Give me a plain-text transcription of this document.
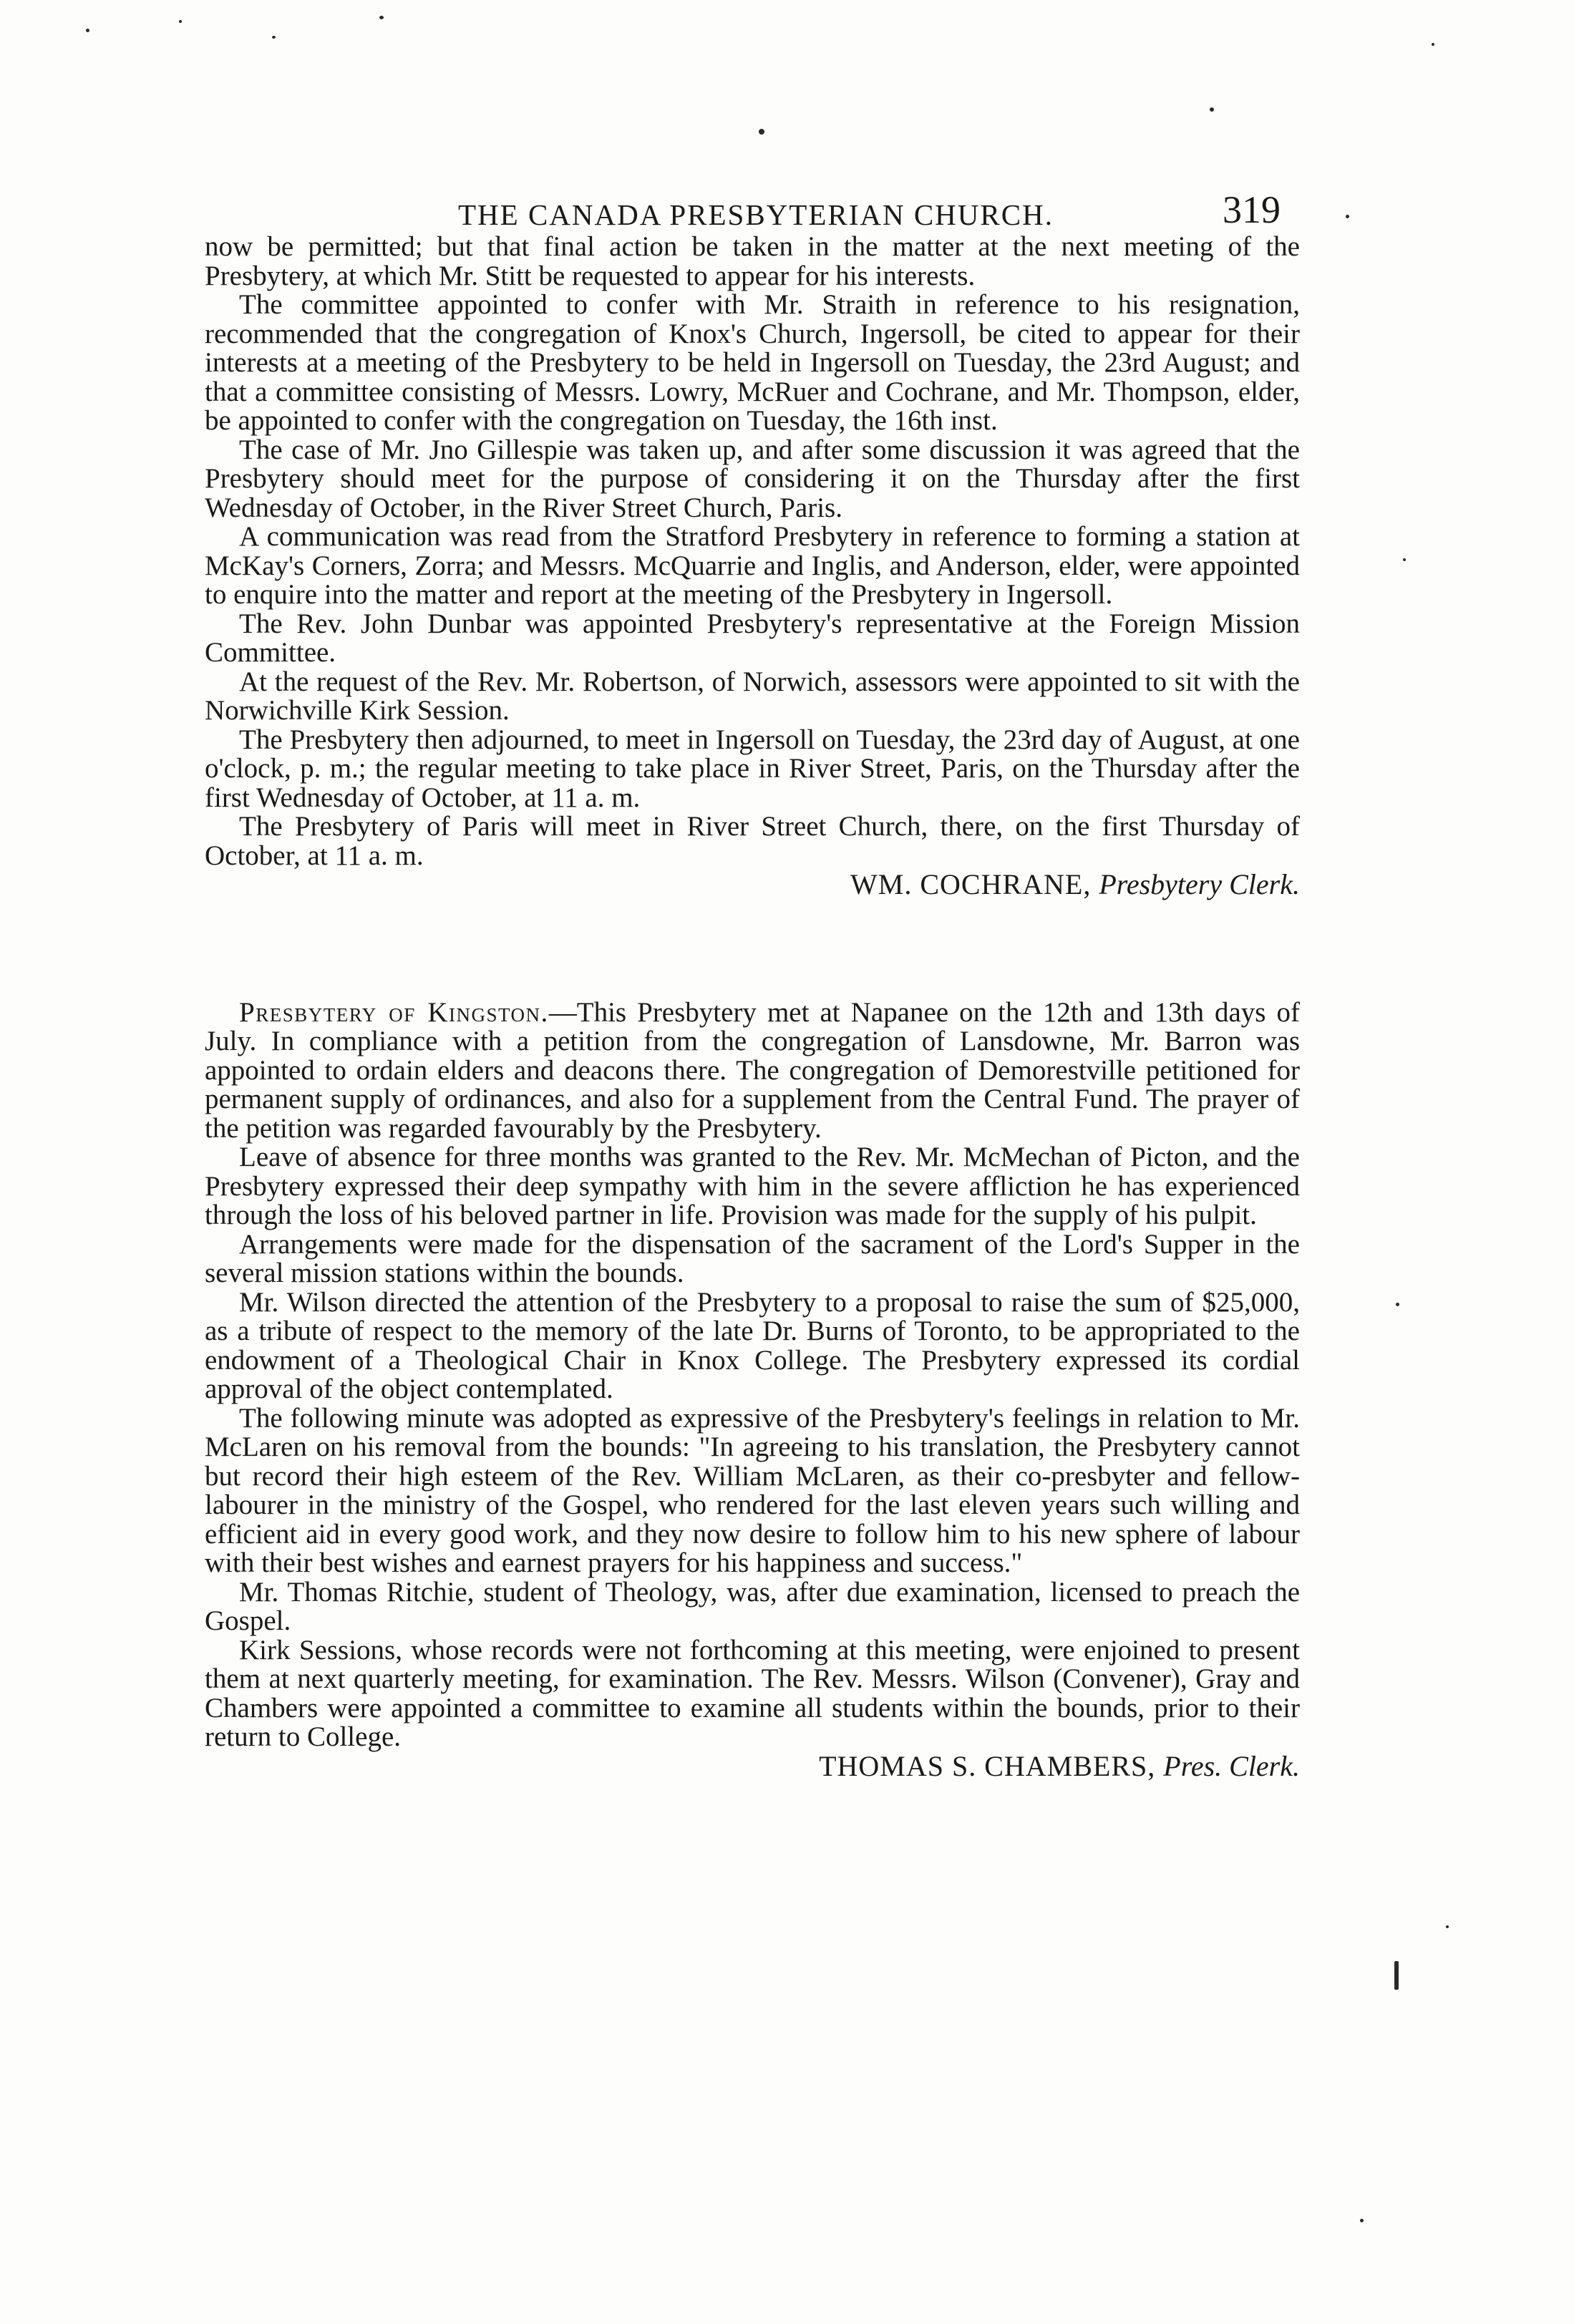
THE CANADA PRESBYTERIAN CHURCH.	319

now be permitted; but that final action be taken in the matter at the next meeting of the Presbytery, at which Mr. Stitt be requested to appear for his interests.

The committee appointed to confer with Mr. Straith in reference to his resignation, recommended that the congregation of Knox's Church, Ingersoll, be cited to appear for their interests at a meeting of the Presbytery to be held in Ingersoll on Tuesday, the 23rd August; and that a committee consisting of Messrs. Lowry, McRuer and Cochrane, and Mr. Thompson, elder, be appointed to confer with the congregation on Tuesday, the 16th inst.

The case of Mr. Jno Gillespie was taken up, and after some discussion it was agreed that the Presbytery should meet for the purpose of considering it on the Thursday after the first Wednesday of October, in the River Street Church, Paris.

A communication was read from the Stratford Presbytery in reference to forming a station at McKay's Corners, Zorra; and Messrs. McQuarrie and Inglis, and Anderson, elder, were appointed to enquire into the matter and report at the meeting of the Presbytery in Ingersoll.

The Rev. John Dunbar was appointed Presbytery's representative at the Foreign Mission Committee.

At the request of the Rev. Mr. Robertson, of Norwich, assessors were appointed to sit with the Norwichville Kirk Session.

The Presbytery then adjourned, to meet in Ingersoll on Tuesday, the 23rd day of August, at one o'clock, p. m.; the regular meeting to take place in River Street, Paris, on the Thursday after the first Wednesday of October, at 11 a. m.

The Presbytery of Paris will meet in River Street Church, there, on the first Thursday of October, at 11 a. m.

WM. COCHRANE, Presbytery Clerk.

Presbytery of Kingston.—This Presbytery met at Napanee on the 12th and 13th days of July. In compliance with a petition from the congregation of Lansdowne, Mr. Barron was appointed to ordain elders and deacons there. The congregation of Demorestville petitioned for permanent supply of ordinances, and also for a supplement from the Central Fund. The prayer of the petition was regarded favourably by the Presbytery.

Leave of absence for three months was granted to the Rev. Mr. McMechan of Picton, and the Presbytery expressed their deep sympathy with him in the severe affliction he has experienced through the loss of his beloved partner in life. Provision was made for the supply of his pulpit.

Arrangements were made for the dispensation of the sacrament of the Lord's Supper in the several mission stations within the bounds.

Mr. Wilson directed the attention of the Presbytery to a proposal to raise the sum of $25,000, as a tribute of respect to the memory of the late Dr. Burns of Toronto, to be appropriated to the endowment of a Theological Chair in Knox College. The Presbytery expressed its cordial approval of the object contemplated.

The following minute was adopted as expressive of the Presbytery's feelings in relation to Mr. McLaren on his removal from the bounds: "In agreeing to his translation, the Presbytery cannot but record their high esteem of the Rev. William McLaren, as their co-presbyter and fellow-labourer in the ministry of the Gospel, who rendered for the last eleven years such willing and efficient aid in every good work, and they now desire to follow him to his new sphere of labour with their best wishes and earnest prayers for his happiness and success."

Mr. Thomas Ritchie, student of Theology, was, after due examination, licensed to preach the Gospel.

Kirk Sessions, whose records were not forthcoming at this meeting, were enjoined to present them at next quarterly meeting, for examination. The Rev. Messrs. Wilson (Convener), Gray and Chambers were appointed a committee to examine all students within the bounds, prior to their return to College.

THOMAS S. CHAMBERS, Pres. Clerk.
